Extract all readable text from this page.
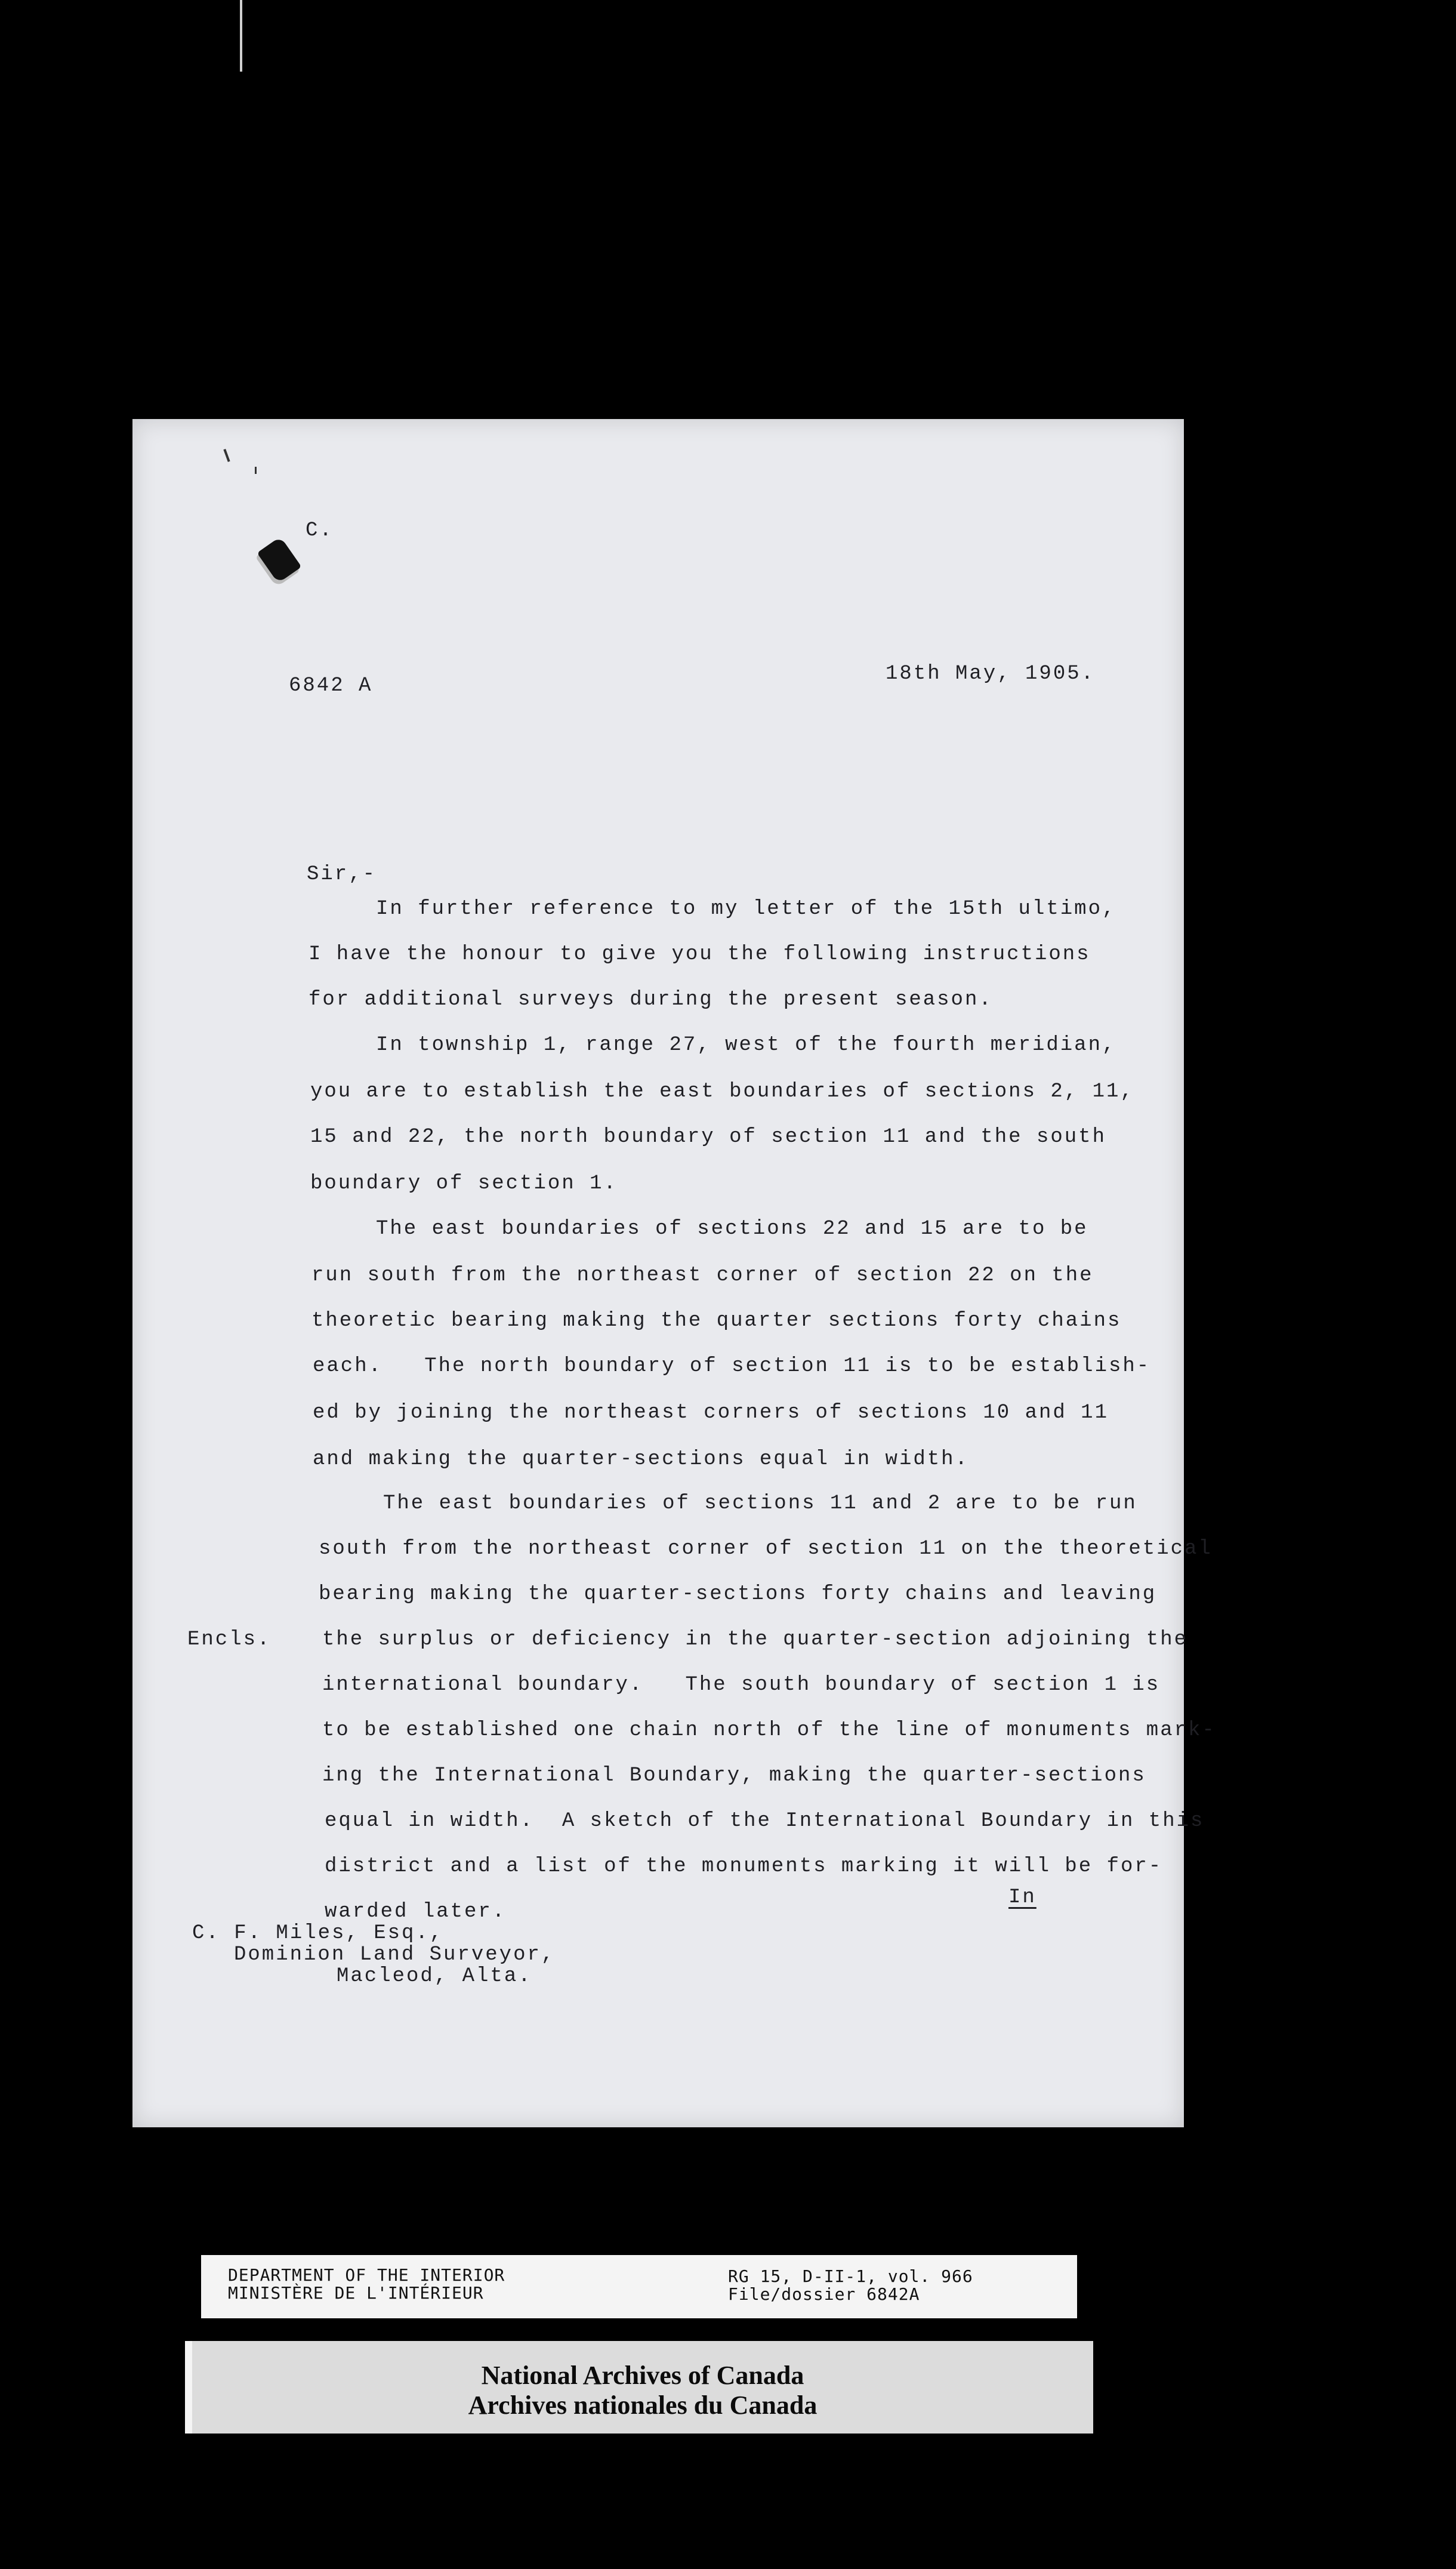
C.
6842 A
18th May, 1905.
Sir,-
In further reference to my letter of the 15th ultimo,
I have the honour to give you the following instructions
for additional surveys during the present season.
In township 1, range 27, west of the fourth meridian,
you are to establish the east boundaries of sections 2, 11,
15 and 22, the north boundary of section 11 and the south
boundary of section 1.
The east boundaries of sections 22 and 15 are to be
run south from the northeast corner of section 22 on the
theoretic bearing making the quarter sections forty chains
each.   The north boundary of section 11 is to be establish-
ed by joining the northeast corners of sections 10 and 11
and making the quarter-sections equal in width.
The east boundaries of sections 11 and 2 are to be run
south from the northeast corner of section 11 on the theoretical
bearing making the quarter-sections forty chains and leaving
the surplus or deficiency in the quarter-section adjoining the
international boundary.   The south boundary of section 1 is
to be established one chain north of the line of monuments mark-
ing the International Boundary, making the quarter-sections
equal in width.  A sketch of the International Boundary in this
district and a list of the monuments marking it will be for-
warded later.
Encls.
In
C. F. Miles, Esq.,
Dominion Land Surveyor,
Macleod, Alta.
DEPARTMENT OF THE INTERIOR
MINISTÈRE DE L'INTÉRIEUR
RG 15, D-II-1, vol. 966
File/dossier 6842A
National Archives of Canada
Archives nationales du Canada
